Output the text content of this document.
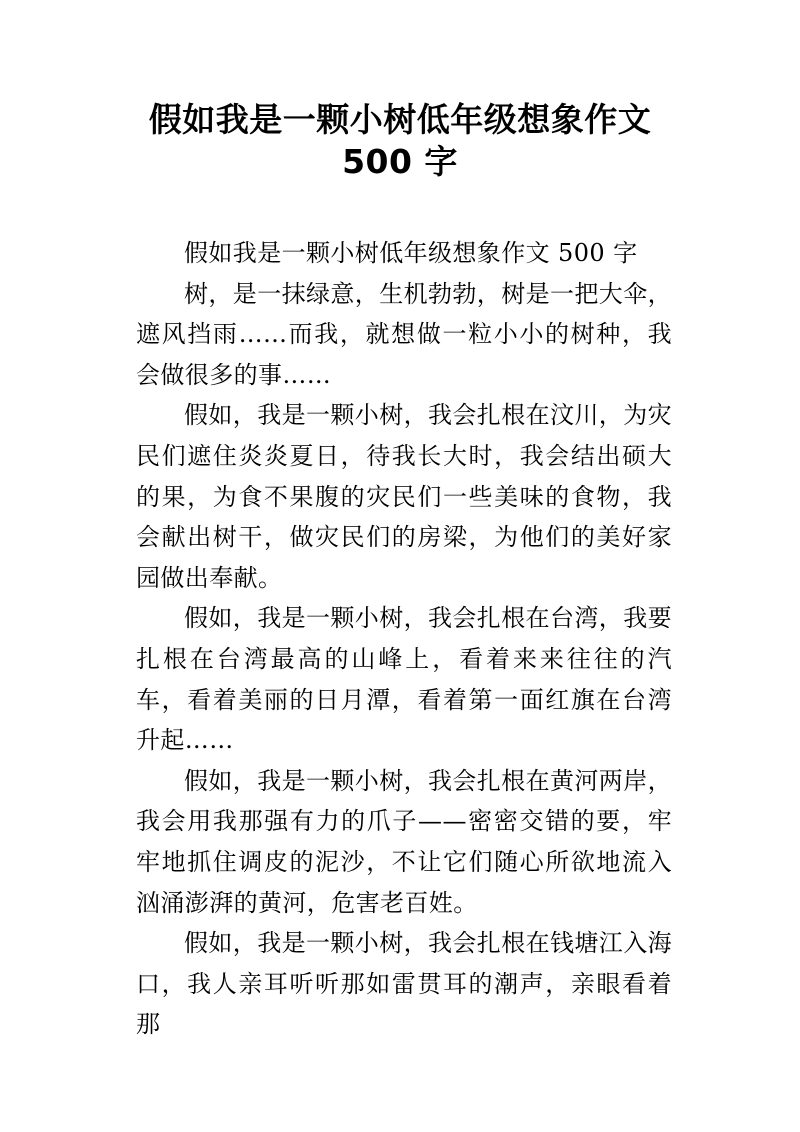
假如我是一颗小树低年级想象作文
500 字

假如我是一颗小树低年级想象作文 500 字

树，是一抹绿意，生机勃勃，树是一把大伞，遮风挡雨……而我，就想做一粒小小的树种，我会做很多的事……

假如，我是一颗小树，我会扎根在汶川，为灾民们遮住炎炎夏日，待我长大时，我会结出硕大的果，为食不果腹的灾民们一些美味的食物，我会献出树干，做灾民们的房梁，为他们的美好家园做出奉献。

假如，我是一颗小树，我会扎根在台湾，我要扎根在台湾最高的山峰上，看着来来往往的汽车，看着美丽的日月潭，看着第一面红旗在台湾升起……

假如，我是一颗小树，我会扎根在黄河两岸，我会用我那强有力的爪子——密密交错的要，牢牢地抓住调皮的泥沙，不让它们随心所欲地流入汹涌澎湃的黄河，危害老百姓。

假如，我是一颗小树，我会扎根在钱塘江入海口，我人亲耳听听那如雷贯耳的潮声，亲眼看着那
